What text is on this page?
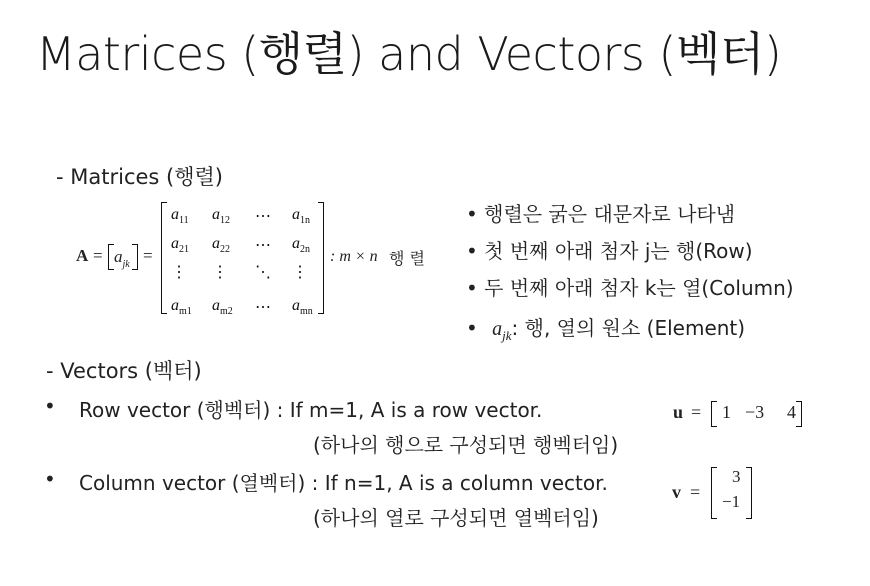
Matrices (행렬) and Vectors (벡터)
- Matrices (행렬)
$A = a_{jk}$ =
$a_{11}$ $a_{12}$ ⋯ $a_{1n}$
$a_{21}$ $a_{22}$ ⋯ $a_{2n}$
⋮ ⋮ ⋱ ⋮
$a_{m1}$ $a_{m2}$ ⋯ $a_{mn}$
: m × n 행 렬
• 행렬은 굵은 대문자로 나타냄
• 첫 번째 아래 첨자 j는 행(Row)
• 두 번째 아래 첨자 k는 열(Column)
• $a_{jk}$: 행, 열의 원소 (Element)
- Vectors (벡터)
• Row vector (행벡터) : If m=1, A is a row vector.
(하나의 행으로 구성되면 행벡터임)
• Column vector (열벡터) : If n=1, A is a column vector.
(하나의 열로 구성되면 열벡터임)
u = 1 −3 4
v =
3
−1
